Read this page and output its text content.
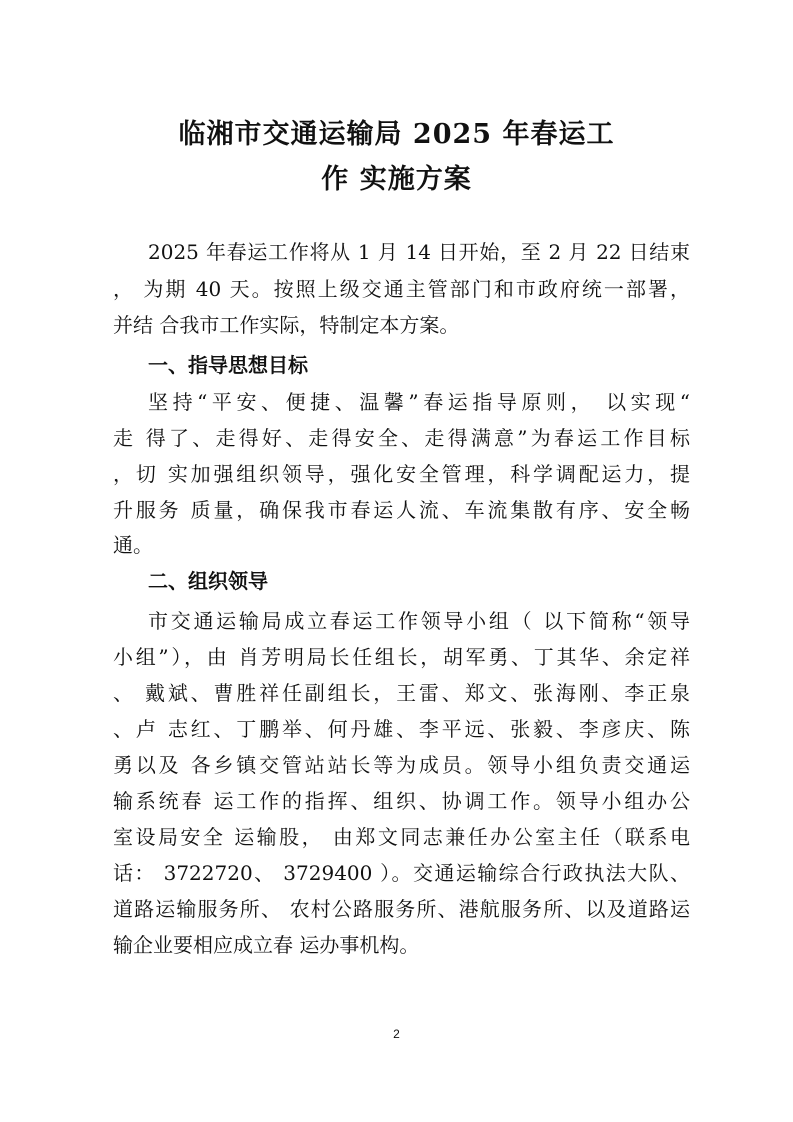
临湘市交通运输局 2025 年春运工
作 实施方案
2025 年春运工作将从 1 月 14 日开始，至 2 月 22 日结束
， 为期 40 天。按照上级交通主管部门和市政府统一部署，
并结 合我市工作实际，特制定本方案。
一、指导思想目标
坚持“平安、便捷、温馨”春运指导原则， 以实现“
走 得了、走得好、走得安全、走得满意”为春运工作目标
，切 实加强组织领导，强化安全管理，科学调配运力，提
升服务 质量，确保我市春运人流、车流集散有序、安全畅
通。
二、组织领导
市交通运输局成立春运工作领导小组（ 以下简称“领导
小组”），由 肖芳明局长任组长，胡军勇、丁其华、余定祥
、 戴斌、曹胜祥任副组长，王雷、郑文、张海刚、李正泉
、卢 志红、丁鹏举、何丹雄、李平远、张毅、李彦庆、陈
勇以及 各乡镇交管站站长等为成员。领导小组负责交通运
输系统春 运工作的指挥、组织、协调工作。领导小组办公
室设局安全 运输股， 由郑文同志兼任办公室主任（联系电
话： 3722720、 3729400 ）。交通运输综合行政执法大队、
道路运输服务所、 农村公路服务所、港航服务所、以及道路运
输企业要相应成立春 运办事机构。
2
